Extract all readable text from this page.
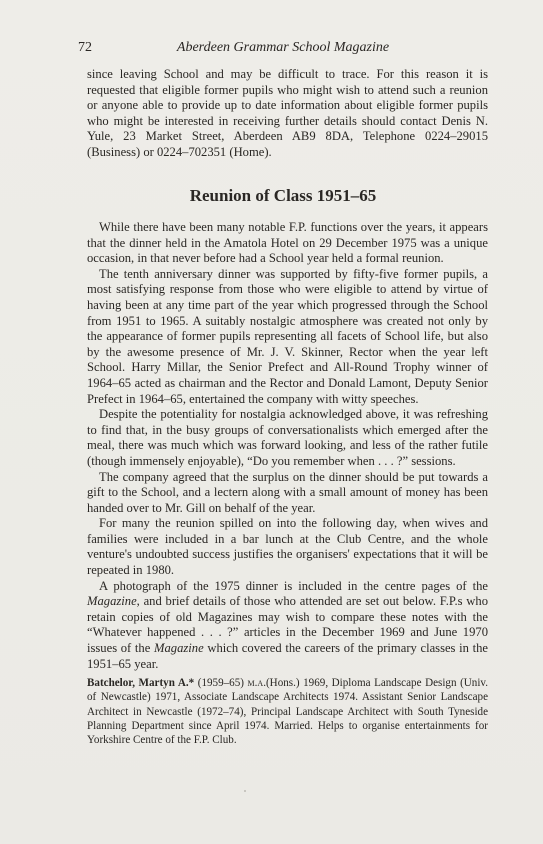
72	Aberdeen Grammar School Magazine

since leaving School and may be difficult to trace. For this reason it is requested that eligible former pupils who might wish to attend such a reunion or anyone able to provide up to date information about eligible former pupils who might be interested in receiving further details should contact Denis N. Yule, 23 Market Street, Aberdeen AB9 8DA, Telephone 0224–29015 (Business) or 0224–702351 (Home).

Reunion of Class 1951–65

While there have been many notable F.P. functions over the years, it appears that the dinner held in the Amatola Hotel on 29 December 1975 was a unique occasion, in that never before had a School year held a formal reunion.

The tenth anniversary dinner was supported by fifty-five former pupils, a most satisfying response from those who were eligible to attend by virtue of having been at any time part of the year which progressed through the School from 1951 to 1965. A suitably nostalgic atmosphere was created not only by the appearance of former pupils representing all facets of School life, but also by the awesome presence of Mr. J. V. Skinner, Rector when the year left School. Harry Millar, the Senior Prefect and All-Round Trophy winner of 1964–65 acted as chairman and the Rector and Donald Lamont, Deputy Senior Prefect in 1964–65, entertained the company with witty speeches.

Despite the potentiality for nostalgia acknowledged above, it was refreshing to find that, in the busy groups of conversationalists which emerged after the meal, there was much which was forward looking, and less of the rather futile (though immensely enjoyable), “Do you remember when . . . ?” sessions.

The company agreed that the surplus on the dinner should be put towards a gift to the School, and a lectern along with a small amount of money has been handed over to Mr. Gill on behalf of the year.

For many the reunion spilled on into the following day, when wives and families were included in a bar lunch at the Club Centre, and the whole venture's undoubted success justifies the organisers' expectations that it will be repeated in 1980.

A photograph of the 1975 dinner is included in the centre pages of the Magazine, and brief details of those who attended are set out below. F.P.s who retain copies of old Magazines may wish to compare these notes with the “Whatever happened . . . ?” articles in the December 1969 and June 1970 issues of the Magazine which covered the careers of the primary classes in the 1951–65 year.

Batchelor, Martyn A.* (1959–65) m.a.(Hons.) 1969, Diploma Landscape Design (Univ. of Newcastle) 1971, Associate Landscape Architects 1974. Assistant Senior Landscape Architect in Newcastle (1972–74), Principal Landscape Architect with South Tyneside Planning Department since April 1974. Married. Helps to organise entertainments for Yorkshire Centre of the F.P. Club.
